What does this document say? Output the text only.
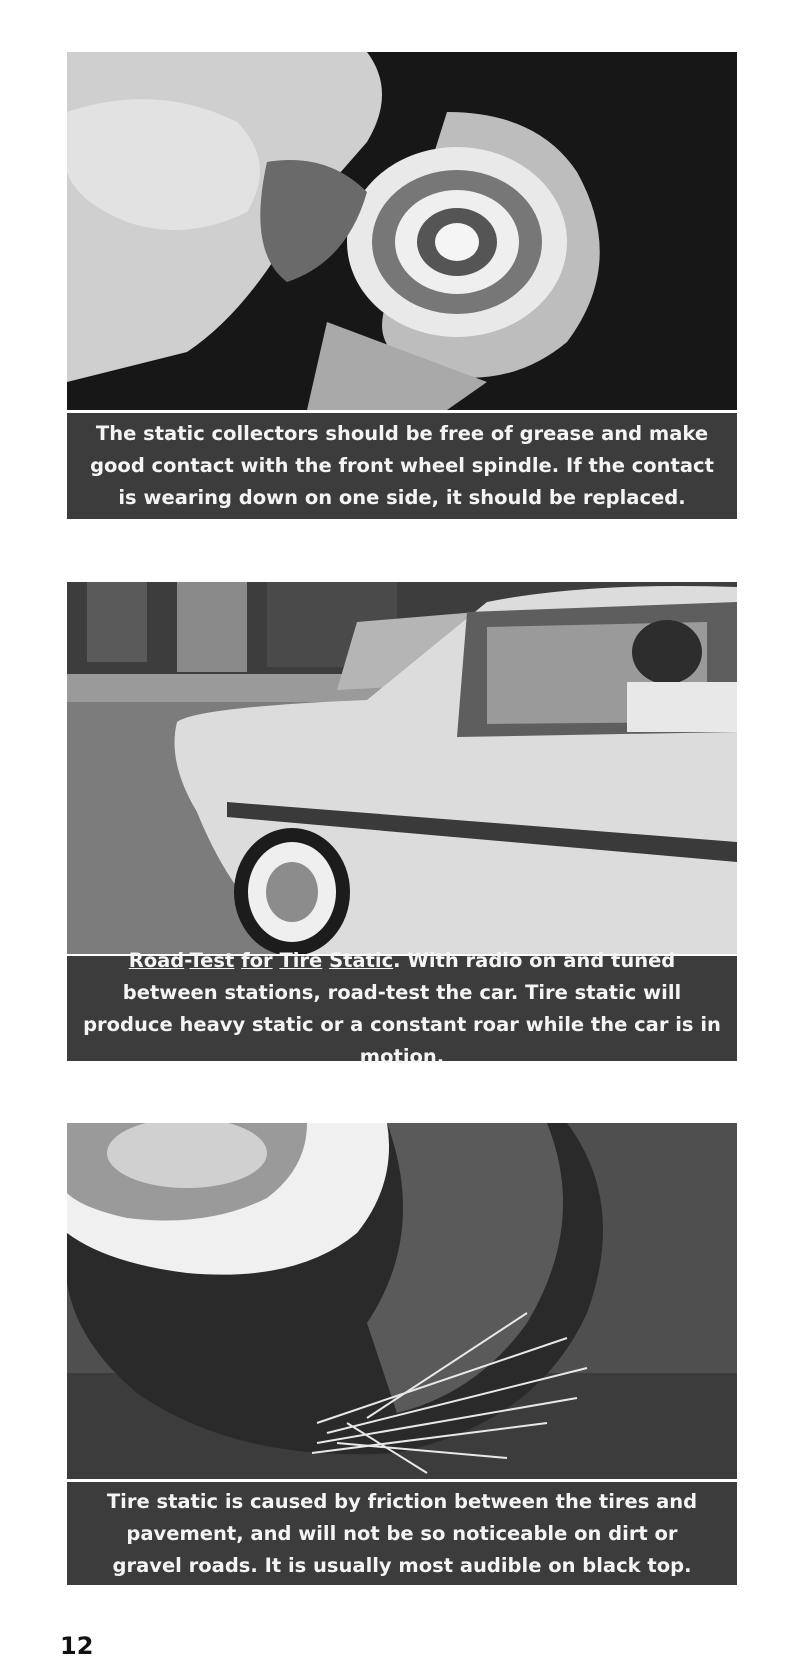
The static collectors should be free of grease and make good contact with the front wheel spindle. If the contact is wearing down on one side, it should be replaced.

Road-Test for Tire Static. With radio on and tuned between stations, road-test the car. Tire static will produce heavy static or a constant roar while the car is in motion.

Tire static is caused by friction between the tires and pavement, and will not be so noticeable on dirt or gravel roads. It is usually most audible on black top.

12
